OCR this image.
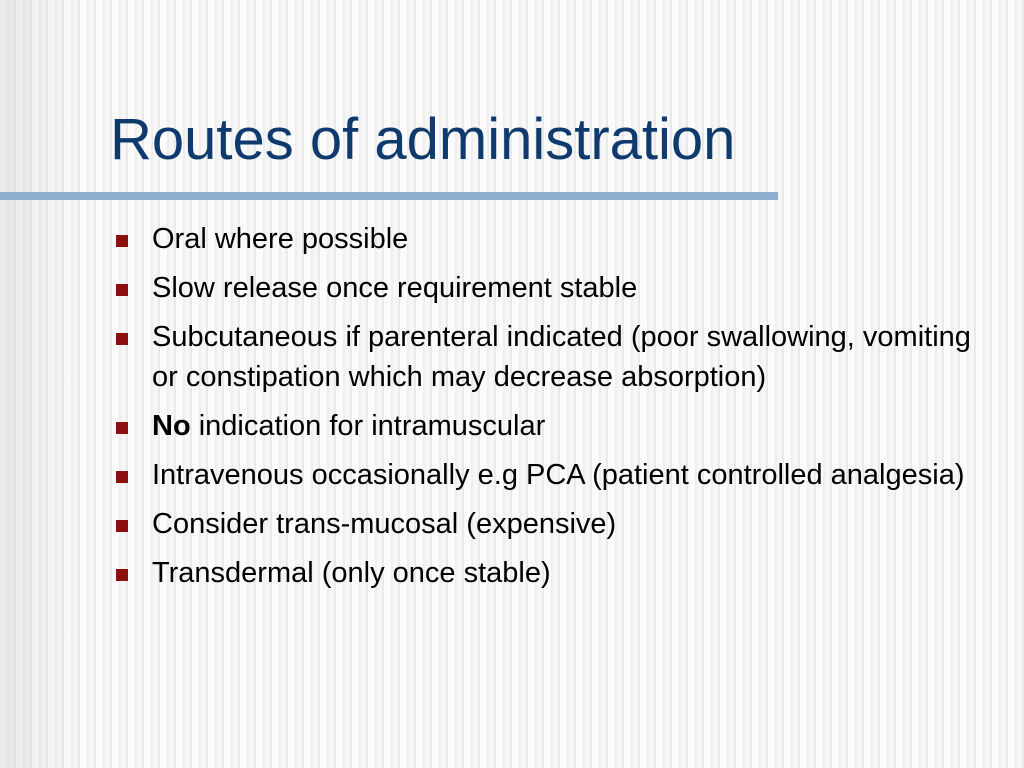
Routes of administration
Oral where possible
Slow release once requirement stable
Subcutaneous if parenteral indicated (poor swallowing, vomiting or constipation which may decrease absorption)
No indication for intramuscular
Intravenous occasionally e.g PCA (patient controlled analgesia)
Consider trans-mucosal (expensive)
Transdermal (only once stable)
